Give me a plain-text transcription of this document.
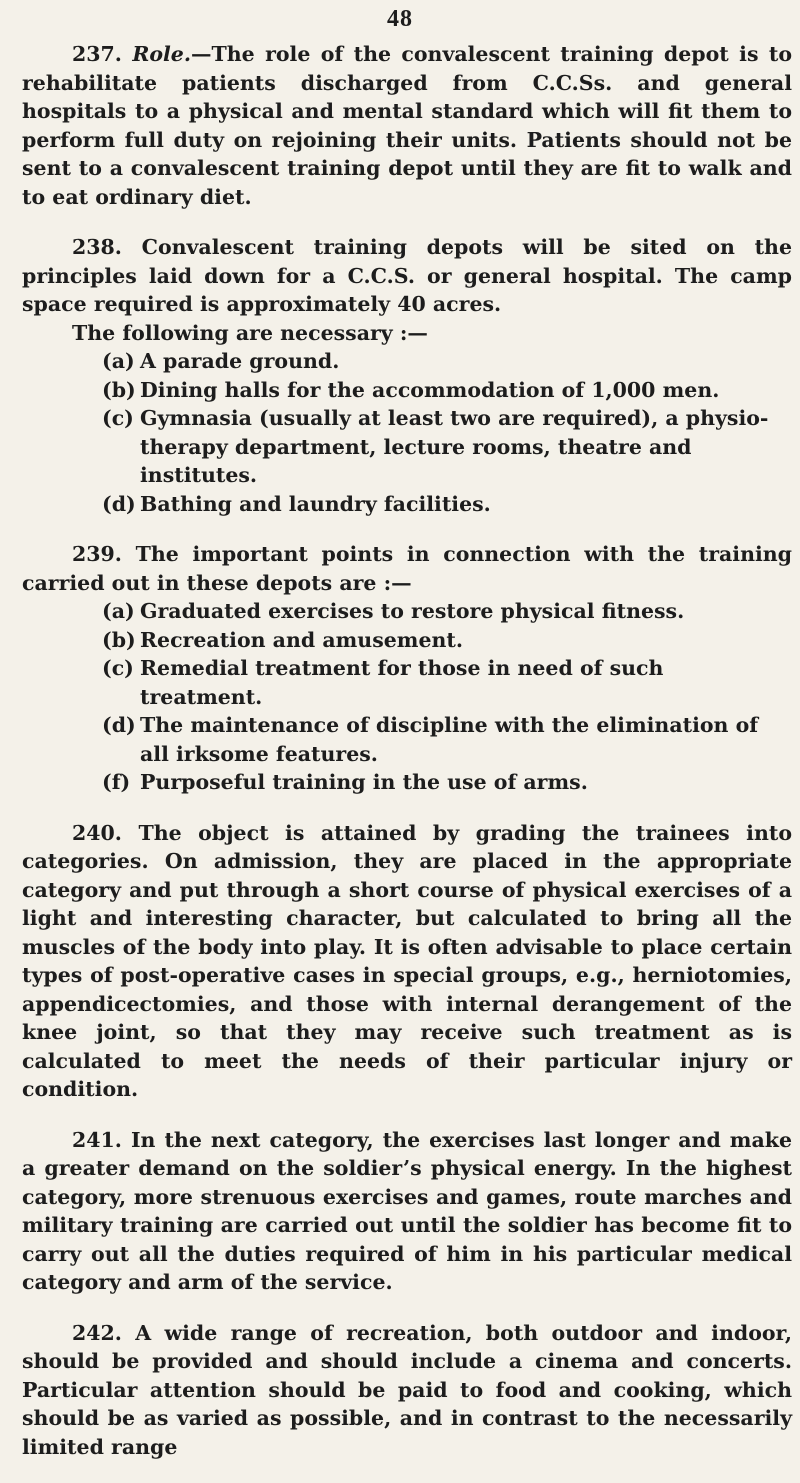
48

237. Role.—The role of the convalescent training depot is to rehabilitate patients discharged from C.C.Ss. and general hospitals to a physical and mental standard which will fit them to perform full duty on rejoining their units. Patients should not be sent to a convalescent training depot until they are fit to walk and to eat ordinary diet.

238. Convalescent training depots will be sited on the principles laid down for a C.C.S. or general hospital. The camp space required is approximately 40 acres.

The following are necessary :—

(a) A parade ground.
(b) Dining halls for the accommodation of 1,000 men.
(c) Gymnasia (usually at least two are required), a physio-therapy department, lecture rooms, theatre and institutes.
(d) Bathing and laundry facilities.

239. The important points in connection with the training carried out in these depots are :—

(a) Graduated exercises to restore physical fitness.
(b) Recreation and amusement.
(c) Remedial treatment for those in need of such treatment.
(d) The maintenance of discipline with the elimination of all irksome features.
(f) Purposeful training in the use of arms.

240. The object is attained by grading the trainees into categories. On admission, they are placed in the appropriate category and put through a short course of physical exercises of a light and interesting character, but calculated to bring all the muscles of the body into play. It is often advisable to place certain types of post-operative cases in special groups, e.g., herniotomies, appendicectomies, and those with internal derangement of the knee joint, so that they may receive such treatment as is calculated to meet the needs of their particular injury or condition.

241. In the next category, the exercises last longer and make a greater demand on the soldier’s physical energy. In the highest category, more strenuous exercises and games, route marches and military training are carried out until the soldier has become fit to carry out all the duties required of him in his particular medical category and arm of the service.

242. A wide range of recreation, both outdoor and indoor, should be provided and should include a cinema and concerts. Particular attention should be paid to food and cooking, which should be as varied as possible, and in contrast to the necessarily limited range
